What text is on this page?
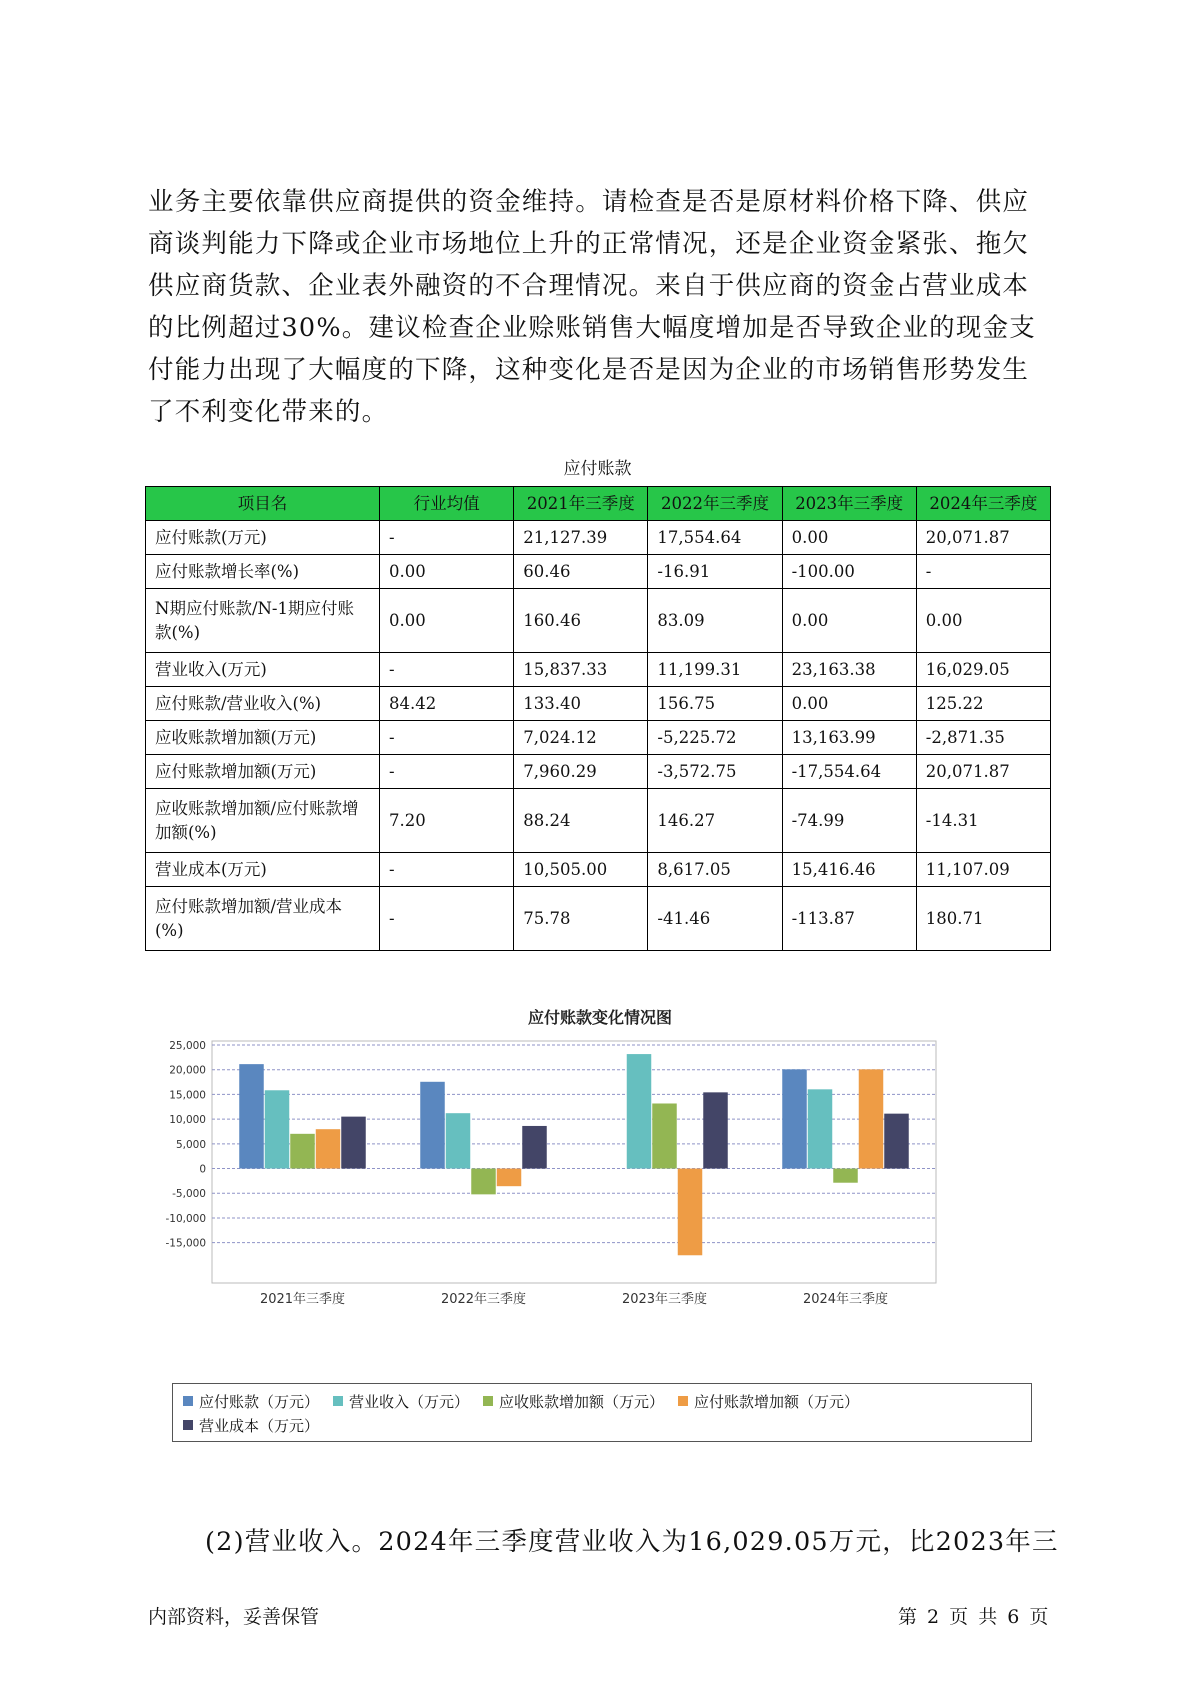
业务主要依靠供应商提供的资金维持。请检查是否是原材料价格下降、供应商谈判能力下降或企业市场地位上升的正常情况，还是企业资金紧张、拖欠供应商货款、企业表外融资的不合理情况。来自于供应商的资金占营业成本的比例超过30%。建议检查企业赊账销售大幅度增加是否导致企业的现金支付能力出现了大幅度的下降，这种变化是否是因为企业的市场销售形势发生了不利变化带来的。

应付账款
项目名	行业均值	2021年三季度	2022年三季度	2023年三季度	2024年三季度
应付账款(万元)	-	21,127.39	17,554.64	0.00	20,071.87
应付账款增长率(%)	0.00	60.46	-16.91	-100.00	-
N期应付账款/N-1期应付账款(%)	0.00	160.46	83.09	0.00	0.00
营业收入(万元)	-	15,837.33	11,199.31	23,163.38	16,029.05
应付账款/营业收入(%)	84.42	133.40	156.75	0.00	125.22
应收账款增加额(万元)	-	7,024.12	-5,225.72	13,163.99	-2,871.35
应付账款增加额(万元)	-	7,960.29	-3,572.75	-17,554.64	20,071.87
应收账款增加额/应付账款增加额(%)	7.20	88.24	146.27	-74.99	-14.31
营业成本(万元)	-	10,505.00	8,617.05	15,416.46	11,107.09
应付账款增加额/营业成本(%)	-	75.78	-41.46	-113.87	180.71
应付账款变化情况图
25,000
20,000
15,000
10,000
5,000
0
-5,000
-10,000
-15,000
2021年三季度	2022年三季度	2023年三季度	2024年三季度
应付账款（万元） 营业收入（万元） 应收账款增加额（万元） 应付账款增加额（万元）
营业成本（万元）

(2)营业收入。2024年三季度营业收入为16,029.05万元，比2023年三

内部资料，妥善保管	第 2 页 共 6 页
